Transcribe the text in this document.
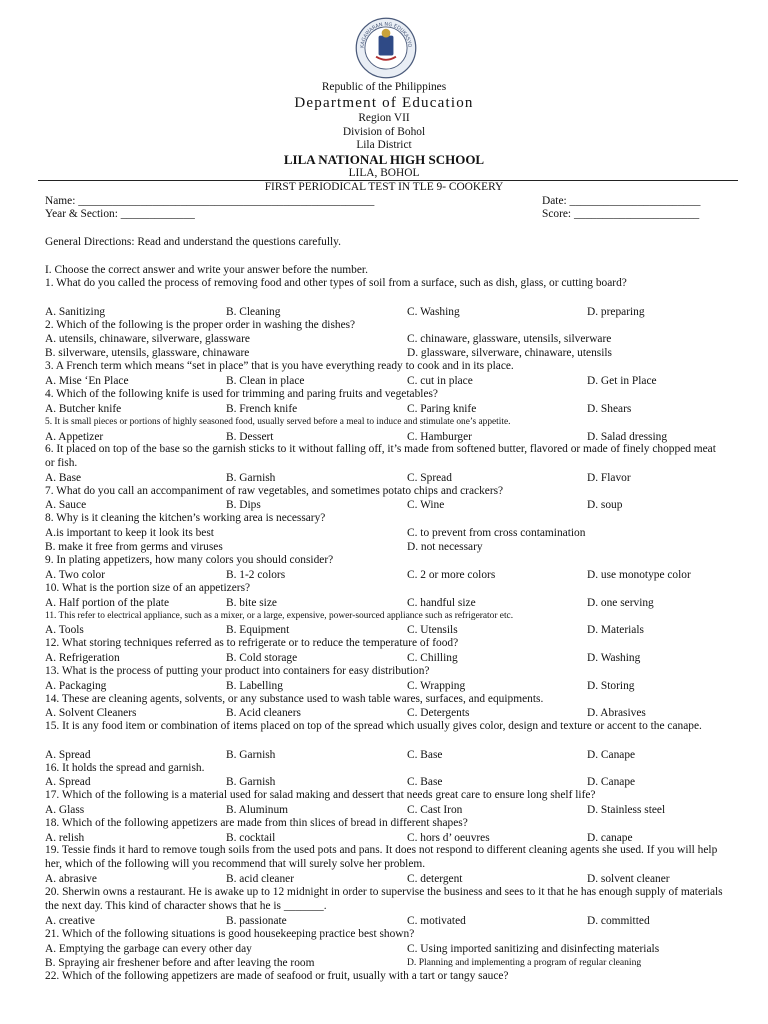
KAGAWARAN NG EDUKASYO
Republic of the Philippines
Department of Education
Region VII
Division of Bohol
Lila District
LILA NATIONAL HIGH SCHOOL
LILA, BOHOL
FIRST PERIODICAL TEST IN TLE 9- COOKERY
Name: ____________________________________________________	Date: _______________________
Year & Section: _____________	Score: ______________________
General Directions: Read and understand the questions carefully.
I. Choose the correct answer and write your answer before the number.
1. What do you called the process of removing food and other types of soil from a surface, such as dish, glass, or cutting board?
A. Sanitizing	B. Cleaning	C. Washing	D. preparing
2. Which of the following is the proper order in washing the dishes?
A. utensils, chinaware, silverware, glassware	C. chinaware, glassware, utensils, silverware
B. silverware, utensils, glassware, chinaware	D. glassware, silverware, chinaware, utensils
3. A French term which means “set in place” that is you have everything ready to cook and in its place.
A. Mise ‘En Place	B. Clean in place	C. cut in place	D. Get in Place
4. Which of the following knife is used for trimming and paring fruits and vegetables?
A. Butcher knife	B. French knife	C. Paring knife	D. Shears
5. It is small pieces or portions of highly seasoned food, usually served before a meal to induce and stimulate one’s appetite.
A. Appetizer	B. Dessert	C. Hamburger	D. Salad dressing
6. It placed on top of the base so the garnish sticks to it without falling off, it’s made from softened butter, flavored or made of finely chopped meat or fish.
A. Base	B. Garnish	C. Spread	D. Flavor
7. What do you call an accompaniment of raw vegetables, and sometimes potato chips and crackers?
A. Sauce	B. Dips	C. Wine	D. soup
8. Why is it cleaning the kitchen’s working area is necessary?
A.is important to keep it look its best	C. to prevent from cross contamination
B. make it free from germs and viruses	D. not necessary
9. In plating appetizers, how many colors you should consider?
A. Two color	B. 1-2 colors	C. 2 or more colors	D. use monotype color
10. What is the portion size of an appetizers?
A. Half portion of the plate	B. bite size	C. handful size	D. one serving
11. This refer to electrical appliance, such as a mixer, or a large, expensive, power-sourced appliance such as refrigerator etc.
A. Tools	B. Equipment	C. Utensils	D. Materials
12. What storing techniques referred as to refrigerate or to reduce the temperature of food?
A. Refrigeration	B. Cold storage	C. Chilling	D. Washing
13. What is the process of putting your product into containers for easy distribution?
A. Packaging	B. Labelling	C. Wrapping	D. Storing
14. These are cleaning agents, solvents, or any substance used to wash table wares, surfaces, and equipments.
A. Solvent Cleaners	B. Acid cleaners	C. Detergents	D. Abrasives
15. It is any food item or combination of items placed on top of the spread which usually gives color, design and texture or accent to the canape.
A. Spread	B. Garnish	C. Base	D. Canape
16. It holds the spread and garnish.
A. Spread	B. Garnish	C. Base	D. Canape
17. Which of the following is a material used for salad making and dessert that needs great care to ensure long shelf life?
A. Glass	B. Aluminum	C. Cast Iron	D. Stainless steel
18. Which of the following appetizers are made from thin slices of bread in different shapes?
A. relish	B. cocktail	C. hors d’ oeuvres	D. canape
19. Tessie finds it hard to remove tough soils from the used pots and pans. It does not respond to different cleaning agents she used. If you will help her, which of the following will you recommend that will surely solve her problem.
A. abrasive	B. acid cleaner	C. detergent	D. solvent cleaner
20. Sherwin owns a restaurant. He is awake up to 12 midnight in order to supervise the business and sees to it that he has enough supply of materials the next day. This kind of character shows that he is _______.
A. creative	B. passionate	C. motivated	D. committed
21. Which of the following situations is good housekeeping practice best shown?
A. Emptying the garbage can every other day	C. Using imported sanitizing and disinfecting materials
B. Spraying air freshener before and after leaving the room	D. Planning and implementing a program of regular cleaning
22. Which of the following appetizers are made of seafood or fruit, usually with a tart or tangy sauce?
